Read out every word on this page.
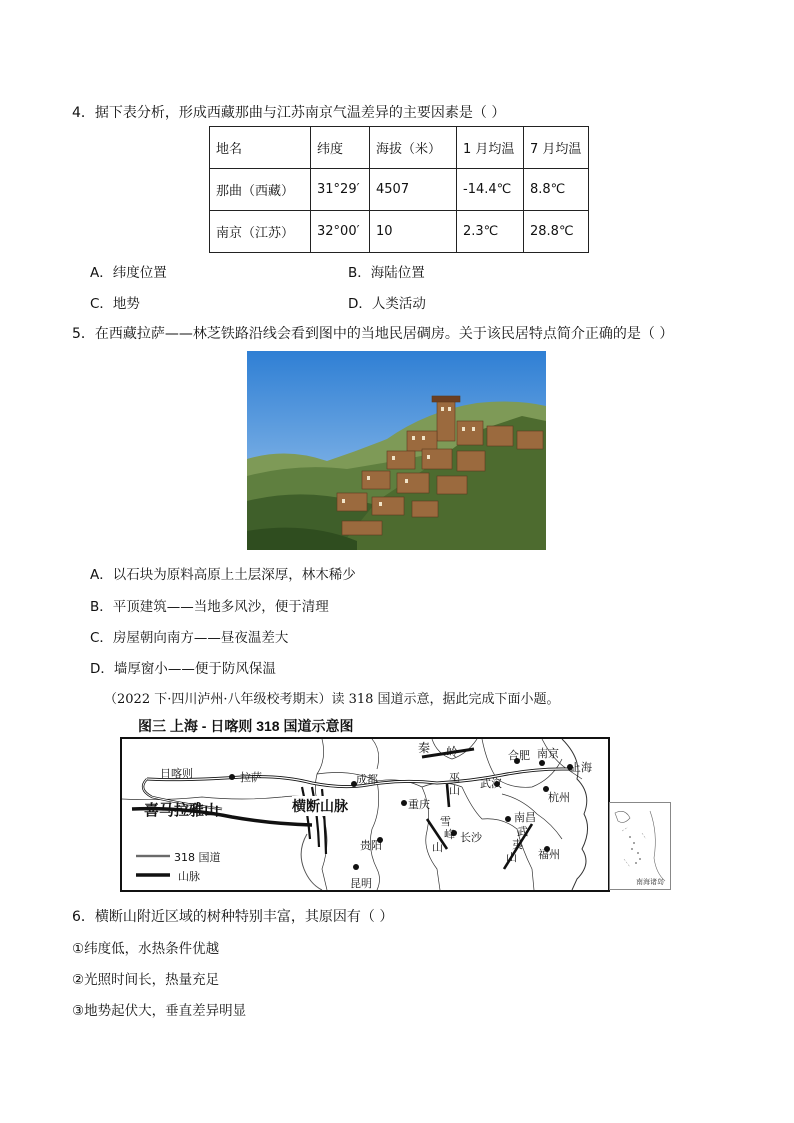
4．据下表分析，形成西藏那曲与江苏南京气温差异的主要因素是（ ）
地名	纬度	海拔（米）	1 月均温	7 月均温
那曲（西藏）	31°29′	4507	-14.4℃	8.8℃
南京（江苏）	32°00′	10	2.3℃	28.8℃
A．纬度位置	B．海陆位置
C．地势	D．人类活动
5．在西藏拉萨——林芝铁路沿线会看到图中的当地民居碉房。关于该民居特点简介正确的是（ ）
A．以石块为原料高原上土层深厚，林木稀少
B．平顶建筑——当地多风沙，便于清理
C．房屋朝向南方——昼夜温差大
D．墙厚窗小——便于防风保温
（2022 下·四川泸州·八年级校考期末）读 318 国道示意，据此完成下面小题。
图三 上海 - 日喀则 318 国道示意图
日喀则	拉萨	成都
重庆
贵阳
昆明
武汉
长沙
南昌
福州
杭州
南京
合肥
上海
喜马拉雅山	横断山脉
秦 岭
巫
山
雪
峰
山
武
夷
山
318 国道
山脉	南海诸岛
6．横断山附近区域的树种特别丰富，其原因有（ ）
①纬度低，水热条件优越
②光照时间长，热量充足
③地势起伏大，垂直差异明显
